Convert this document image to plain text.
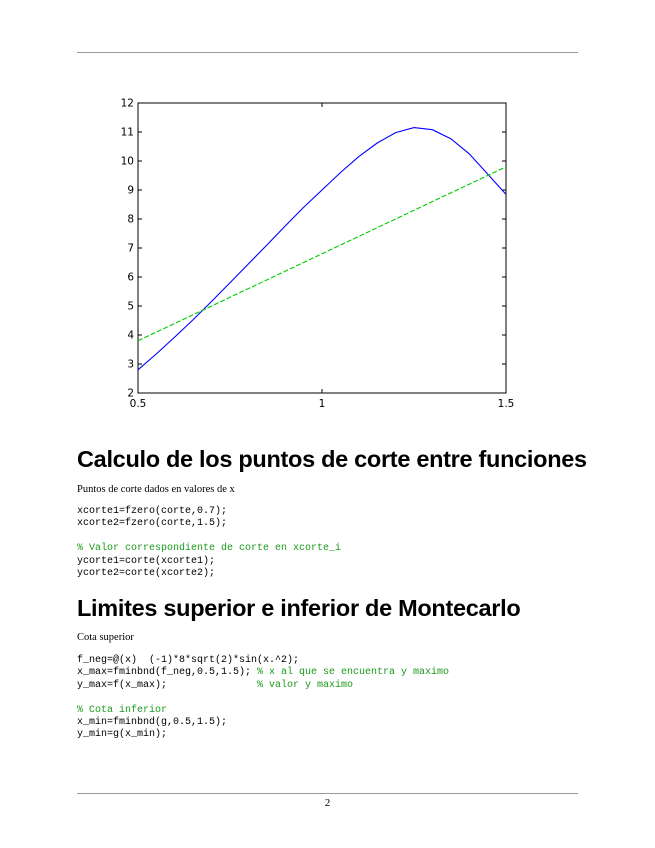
2
3
4
5
6
7
8
9
10
11
12
0.5	1	1.5
Calculo de los puntos de corte entre funciones

Puntos de corte dados en valores de x

xcorte1=fzero(corte,0.7);
xcorte2=fzero(corte,1.5);
% Valor correspondiente de corte en xcorte_i
ycorte1=corte(xcorte1);
ycorte2=corte(xcorte2);
Limites superior e inferior de Montecarlo

Cota superior

f_neg=@(x)  (-1)*8*sqrt(2)*sin(x.^2);
x_max=fminbnd(f_neg,0.5,1.5); % x al que se encuentra y maximo
y_max=f(x_max);               % valor y maximo
% Cota inferior
x_min=fminbnd(g,0.5,1.5);
y_min=g(x_min);
2
